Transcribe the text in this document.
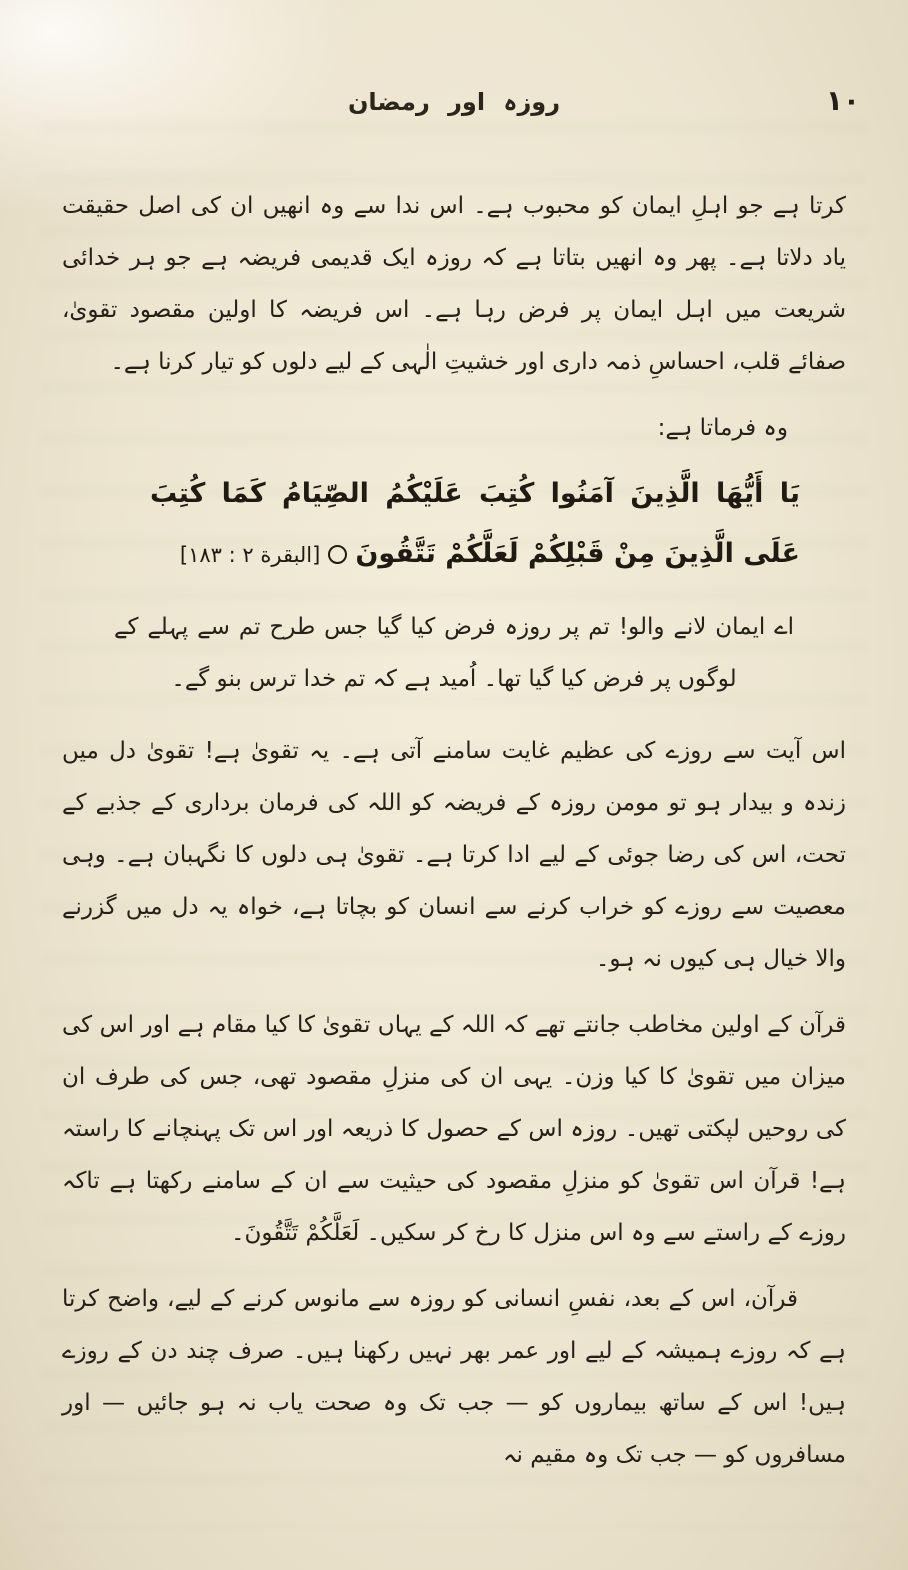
روزہ اور رمضان	۱۰

کرتا ہے جو اہلِ ایمان کو محبوب ہے۔ اس ندا سے وہ انھیں ان کی اصل حقیقت یاد دلاتا ہے۔ پھر وہ انھیں بتاتا ہے کہ روزہ ایک قدیمی فریضہ ہے جو ہر خدائی شریعت میں اہل ایمان پر فرض رہا ہے۔ اس فریضہ کا اولین مقصود تقویٰ، صفائے قلب، احساسِ ذمہ داری اور خشیتِ الٰہی کے لیے دلوں کو تیار کرنا ہے۔

وہ فرماتا ہے:

يَا أَيُّهَا الَّذِينَ آمَنُوا كُتِبَ عَلَيْكُمُ الصِّيَامُ كَمَا كُتِبَ عَلَى الَّذِينَ مِنْ قَبْلِكُمْ لَعَلَّكُمْ تَتَّقُونَ[البقرة ۲ : ۱۸۳]

اے ایمان لانے والو! تم پر روزہ فرض کیا گیا جس طرح تم سے پہلے کے لوگوں پر فرض کیا گیا تھا۔ اُمید ہے کہ تم خدا ترس بنو گے۔

اس آیت سے روزے کی عظیم غایت سامنے آتی ہے۔ یہ تقویٰ ہے! تقویٰ دل میں زندہ و بیدار ہو تو مومن روزہ کے فریضہ کو اللہ کی فرمان برداری کے جذبے کے تحت، اس کی رضا جوئی کے لیے ادا کرتا ہے۔ تقویٰ ہی دلوں کا نگہبان ہے۔ وہی معصیت سے روزے کو خراب کرنے سے انسان کو بچاتا ہے، خواہ یہ دل میں گزرنے والا خیال ہی کیوں نہ ہو۔

قرآن کے اولین مخاطب جانتے تھے کہ اللہ کے یہاں تقویٰ کا کیا مقام ہے اور اس کی میزان میں تقویٰ کا کیا وزن۔ یہی ان کی منزلِ مقصود تھی، جس کی طرف ان کی روحیں لپکتی تھیں۔ روزہ اس کے حصول کا ذریعہ اور اس تک پہنچانے کا راستہ ہے! قرآن اس تقویٰ کو منزلِ مقصود کی حیثیت سے ان کے سامنے رکھتا ہے تاکہ روزے کے راستے سے وہ اس منزل کا رخ کر سکیں۔ لَعَلَّكُمْ تَتَّقُونَ۔

قرآن، اس کے بعد، نفسِ انسانی کو روزہ سے مانوس کرنے کے لیے، واضح کرتا ہے کہ روزے ہمیشہ کے لیے اور عمر بھر نہیں رکھنا ہیں۔ صرف چند دن کے روزے ہیں! اس کے ساتھ بیماروں کو — جب تک وہ صحت یاب نہ ہو جائیں — اور مسافروں کو — جب تک وہ مقیم نہ
